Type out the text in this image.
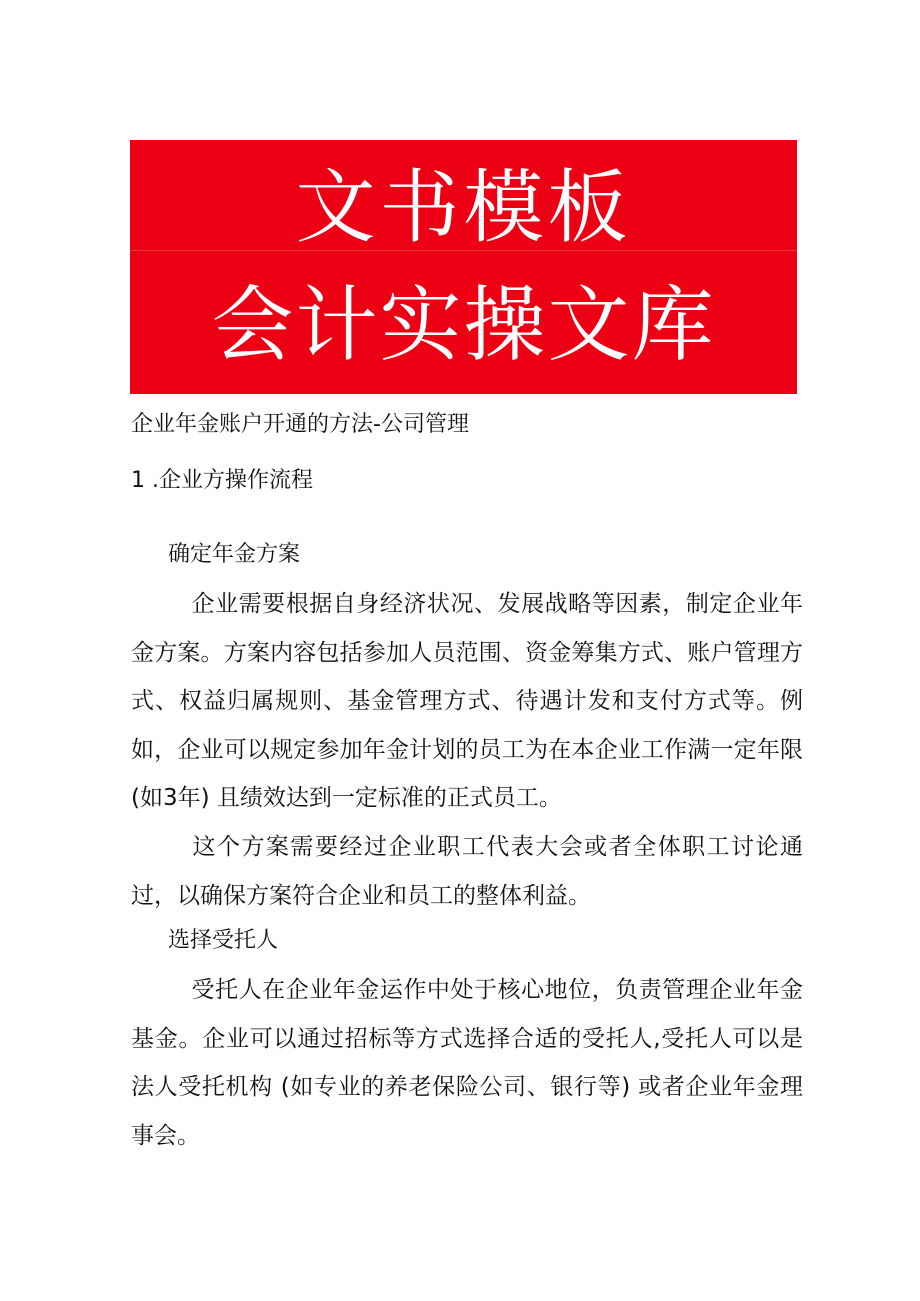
文书模板
会计实操文库
企业年金账户开通的方法-公司管理
1 .企业方操作流程
确定年金方案
企业需要根据自身经济状况、发展战略等因素，制定企业年金方案。方案内容包括参加人员范围、资金筹集方式、账户管理方式、权益归属规则、基金管理方式、待遇计发和支付方式等。例如，企业可以规定参加年金计划的员工为在本企业工作满一定年限(如3年) 且绩效达到一定标准的正式员工。
这个方案需要经过企业职工代表大会或者全体职工讨论通过，以确保方案符合企业和员工的整体利益。
选择受托人
受托人在企业年金运作中处于核心地位，负责管理企业年金基金。企业可以通过招标等方式选择合适的受托人,受托人可以是法人受托机构 (如专业的养老保险公司、银行等) 或者企业年金理事会。
